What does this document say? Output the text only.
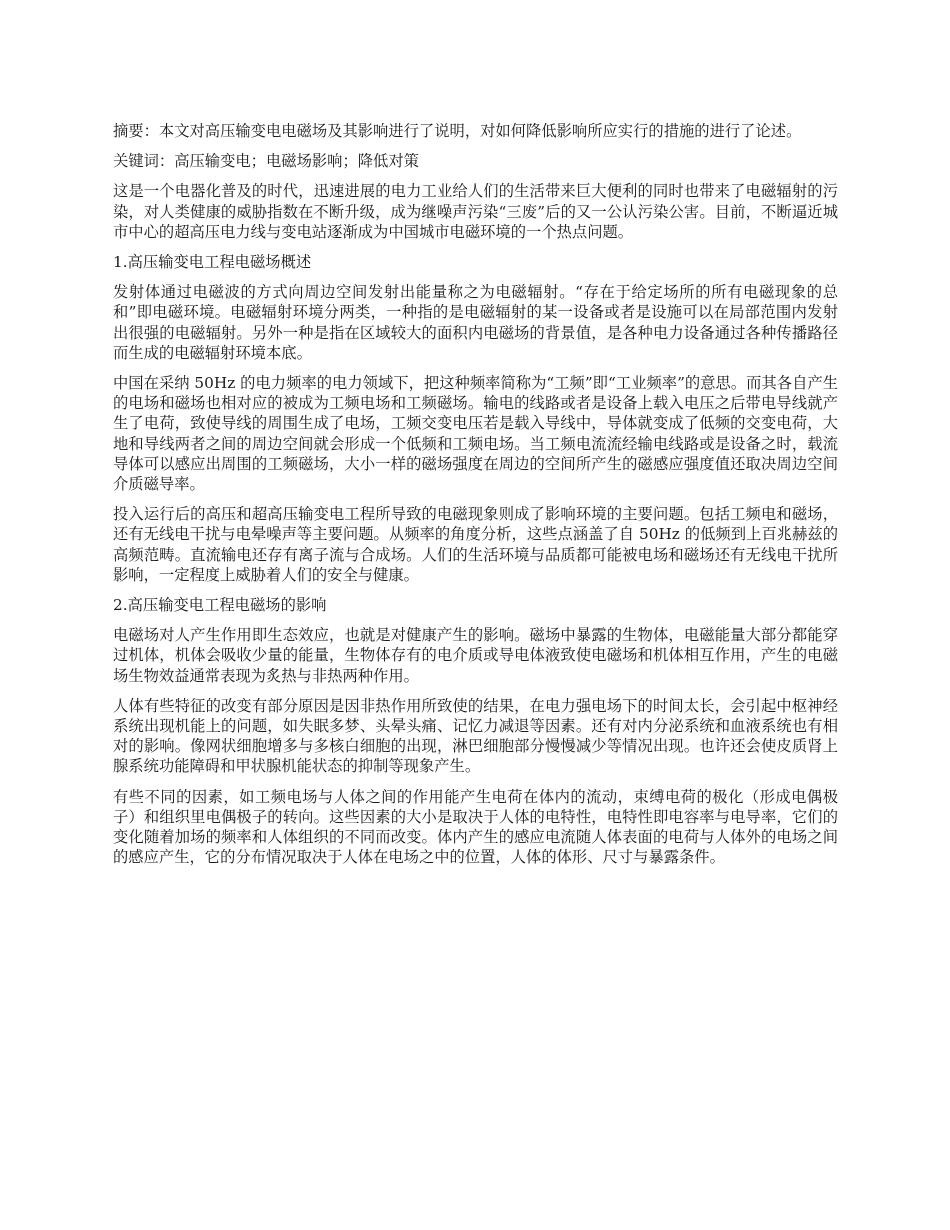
摘要：本文对高压输变电电磁场及其影响进行了说明，对如何降低影响所应实行的措施的进行了论述。

关键词：高压输变电；电磁场影响；降低对策

这是一个电器化普及的时代，迅速进展的电力工业给人们的生活带来巨大便利的同时也带来了电磁辐射的污染，对人类健康的威胁指数在不断升级，成为继噪声污染“三废”后的又一公认污染公害。目前，不断逼近城市中心的超高压电力线与变电站逐渐成为中国城市电磁环境的一个热点问题。

1.高压输变电工程电磁场概述

发射体通过电磁波的方式向周边空间发射出能量称之为电磁辐射。“存在于给定场所的所有电磁现象的总和”即电磁环境。电磁辐射环境分两类，一种指的是电磁辐射的某一设备或者是设施可以在局部范围内发射出很强的电磁辐射。另外一种是指在区域较大的面积内电磁场的背景值，是各种电力设备通过各种传播路径而生成的电磁辐射环境本底。

中国在采纳 50Hz 的电力频率的电力领域下，把这种频率简称为“工频”即“工业频率”的意思。而其各自产生的电场和磁场也相对应的被成为工频电场和工频磁场。输电的线路或者是设备上载入电压之后带电导线就产生了电荷，致使导线的周围生成了电场，工频交变电压若是载入导线中，导体就变成了低频的交变电荷，大地和导线两者之间的周边空间就会形成一个低频和工频电场。当工频电流流经输电线路或是设备之时，载流导体可以感应出周围的工频磁场，大小一样的磁场强度在周边的空间所产生的磁感应强度值还取决周边空间介质磁导率。

投入运行后的高压和超高压输变电工程所导致的电磁现象则成了影响环境的主要问题。包括工频电和磁场，还有无线电干扰与电晕噪声等主要问题。从频率的角度分析，这些点涵盖了自 50Hz 的低频到上百兆赫兹的高频范畴。直流输电还存有离子流与合成场。人们的生活环境与品质都可能被电场和磁场还有无线电干扰所影响，一定程度上威胁着人们的安全与健康。

2.高压输变电工程电磁场的影响

电磁场对人产生作用即生态效应，也就是对健康产生的影响。磁场中暴露的生物体，电磁能量大部分都能穿过机体，机体会吸收少量的能量，生物体存有的电介质或导电体液致使电磁场和机体相互作用，产生的电磁场生物效益通常表现为炙热与非热两种作用。

人体有些特征的改变有部分原因是因非热作用所致使的结果，在电力强电场下的时间太长，会引起中枢神经系统出现机能上的问题，如失眠多梦、头晕头痛、记忆力减退等因素。还有对内分泌系统和血液系统也有相对的影响。像网状细胞增多与多核白细胞的出现，淋巴细胞部分慢慢减少等情况出现。也许还会使皮质肾上腺系统功能障碍和甲状腺机能状态的抑制等现象产生。

有些不同的因素，如工频电场与人体之间的作用能产生电荷在体内的流动，束缚电荷的极化（形成电偶极子）和组织里电偶极子的转向。这些因素的大小是取决于人体的电特性，电特性即电容率与电导率，它们的变化随着加场的频率和人体组织的不同而改变。体内产生的感应电流随人体表面的电荷与人体外的电场之间的感应产生，它的分布情况取决于人体在电场之中的位置，人体的体形、尺寸与暴露条件。
